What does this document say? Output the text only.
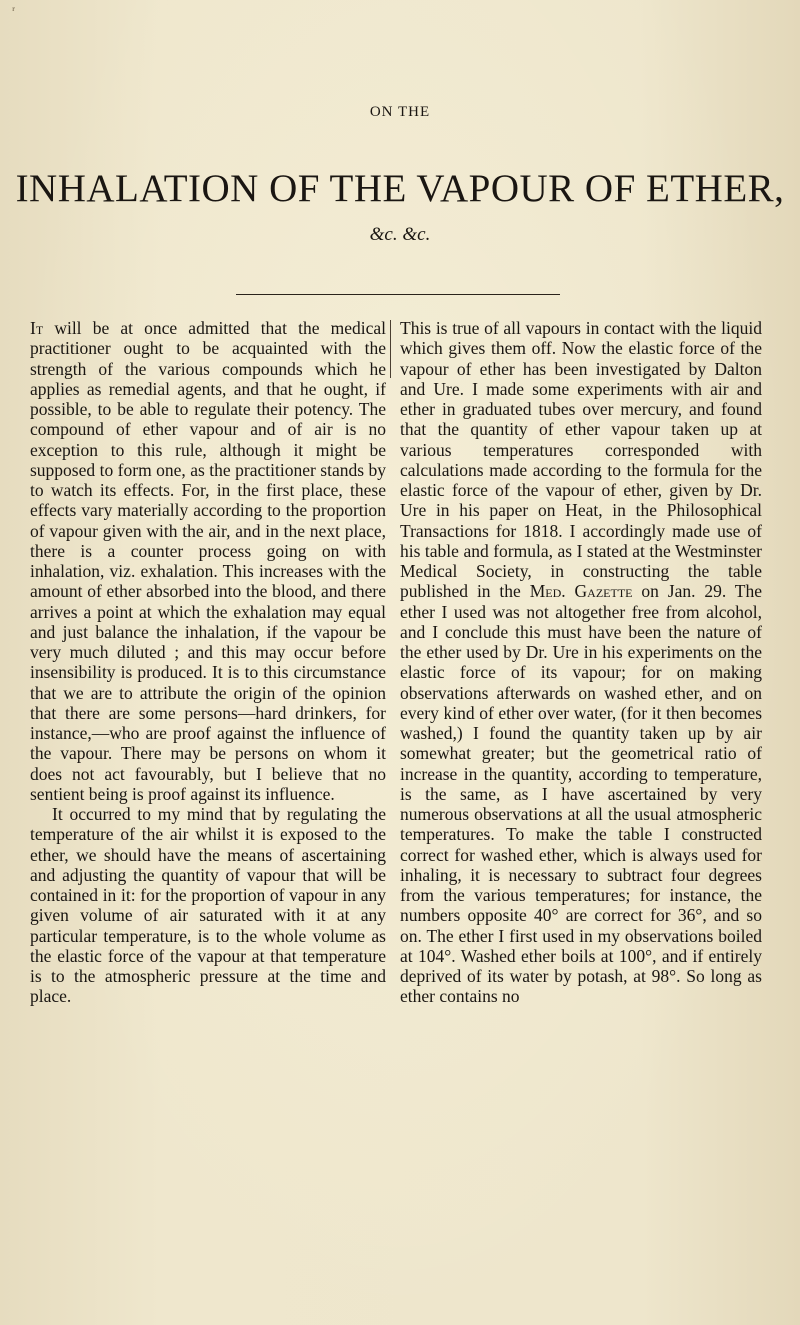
ᵣ
ON THE
INHALATION OF THE VAPOUR OF ETHER,
&c. &c.

It will be at once admitted that the medical practitioner ought to be acquainted with the strength of the various compounds which he applies as remedial agents, and that he ought, if possible, to be able to regulate their potency. The compound of ether vapour and of air is no exception to this rule, although it might be supposed to form one, as the practitioner stands by to watch its effects. For, in the first place, these effects vary materially according to the proportion of vapour given with the air, and in the next place, there is a counter process going on with inhalation, viz. exhalation. This increases with the amount of ether absorbed into the blood, and there arrives a point at which the exhalation may equal and just balance the inhalation, if the vapour be very much diluted ; and this may occur before insensibility is produced. It is to this circumstance that we are to attribute the origin of the opinion that there are some persons—hard drinkers, for instance,—who are proof against the influence of the vapour. There may be persons on whom it does not act favourably, but I believe that no sentient being is proof against its influence.

It occurred to my mind that by regulating the temperature of the air whilst it is exposed to the ether, we should have the means of ascertaining and adjusting the quantity of vapour that will be contained in it: for the proportion of vapour in any given volume of air saturated with it at any particular temperature, is to the whole volume as the elastic force of the vapour at that temperature is to the atmospheric pressure at the time and place.

This is true of all vapours in contact with the liquid which gives them off. Now the elastic force of the vapour of ether has been investigated by Dalton and Ure. I made some experiments with air and ether in graduated tubes over mercury, and found that the quantity of ether vapour taken up at various temperatures corresponded with calculations made according to the formula for the elastic force of the vapour of ether, given by Dr. Ure in his paper on Heat, in the Philosophical Transactions for 1818. I accordingly made use of his table and formula, as I stated at the Westminster Medical Society, in constructing the table published in the Med. Gazette on Jan. 29. The ether I used was not altogether free from alcohol, and I conclude this must have been the nature of the ether used by Dr. Ure in his experiments on the elastic force of its vapour; for on making observations afterwards on washed ether, and on every kind of ether over water, (for it then becomes washed,) I found the quantity taken up by air somewhat greater; but the geometrical ratio of increase in the quantity, according to temperature, is the same, as I have ascertained by very numerous observations at all the usual atmospheric temperatures. To make the table I constructed correct for washed ether, which is always used for inhaling, it is necessary to subtract four degrees from the various temperatures; for instance, the numbers opposite 40° are correct for 36°, and so on. The ether I first used in my observations boiled at 104°. Washed ether boils at 100°, and if entirely deprived of its water by potash, at 98°. So long as ether contains no
